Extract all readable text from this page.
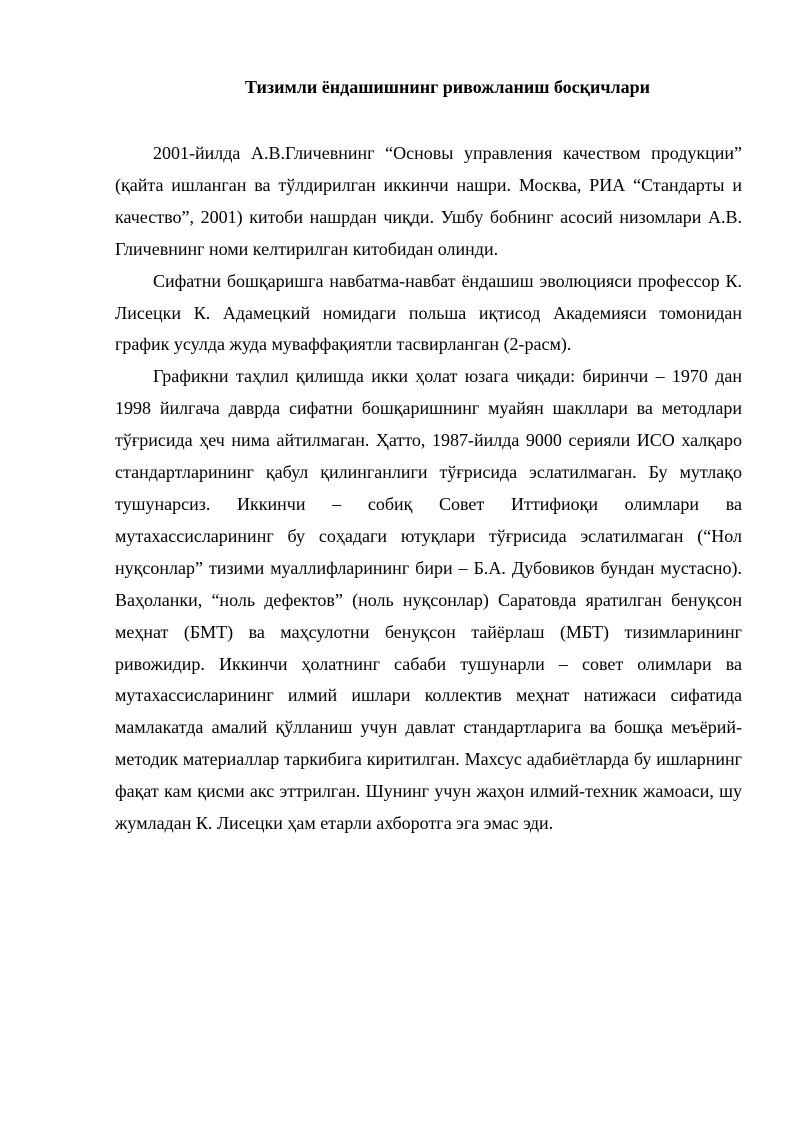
Тизимли ёндашишнинг ривожланиш босқичлари

2001-йилда А.В.Гличевнинг “Основы управления качеством продукции” (қайта ишланган ва тўлдирилган иккинчи нашри. Москва, РИА “Стандарты и качество”, 2001) китоби нашрдан чиқди. Ушбу бобнинг асосий низомлари А.В. Гличевнинг номи келтирилган китобидан олинди.

Сифатни бошқаришга навбатма-навбат ёндашиш эволюцияси профессор К. Лисецки К. Адамецкий номидаги польша иқтисод Академияси томонидан график усулда жуда муваффақиятли тасвирланган (2-расм).

Графикни таҳлил қилишда икки ҳолат юзага чиқади: биринчи – 1970 дан 1998 йилгача даврда сифатни бошқаришнинг муайян шакллари ва методлари тўғрисида ҳеч нима айтилмаган. Ҳатто, 1987-йилда 9000 серияли ИСО халқаро стандартларининг қабул қилинганлиги тўғрисида эслатилмаган. Бу мутлақо тушунарсиз. Иккинчи – собиқ Совет Иттифиоқи олимлари ва мутахассисларининг бу соҳадаги ютуқлари тўғрисида эслатилмаган (“Нол нуқсонлар” тизими муаллифларининг бири – Б.А. Дубовиков бундан мустасно). Ваҳоланки, “ноль дефектов” (ноль нуқсонлар) Саратовда яратилган бенуқсон меҳнат (БМТ) ва маҳсулотни бенуқсон тайёрлаш (МБТ) тизимларининг ривожидир. Иккинчи ҳолатнинг сабаби тушунарли – совет олимлари ва мутахассисларининг илмий ишлари коллектив меҳнат натижаси сифатида мамлакатда амалий қўлланиш учун давлат стандартларига ва бошқа меъёрий-методик материаллар таркибига киритилган. Махсус адабиётларда бу ишларнинг фақат кам қисми акс эттрилган. Шунинг учун жаҳон илмий-техник жамоаси, шу жумладан К. Лисецки ҳам етарли ахборотга эга эмас эди.
